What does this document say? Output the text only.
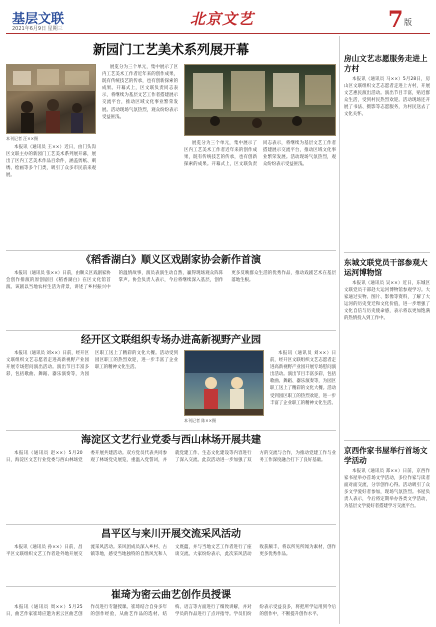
基层文联
2021年6月9日 星期三
北京文艺	7 版
新园门工艺美术系列展开幕
本刊记者 汪××摄

本报讯（通讯员 王××）近日，由门头沟区文联主办的新园门工艺美术系列展开幕，展出了区内工艺美术作品百余件，涵盖剪纸、刺绣、绘画等多个门类，吸引了众多市民前来观展。

展览分为三个单元，集中展示了区内工艺美术工作者近年来的创作成果，既有传统技艺的传承，也有创新探索的成果。开幕式上，区文联负责同志表示，将继续为基层文艺工作者搭建展示交流平台，推动区域文化事业繁荣发展。活动现场气氛热烈，观众纷纷表示受益匪浅。

展览分为三个单元，集中展示了区内工艺美术工作者近年来的创作成果，既有传统技艺的传承，也有创新探索的成果。开幕式上，区文联负责同志表示，将继续为基层文艺工作者搭建展示交流平台，推动区域文化事业繁荣发展。活动现场气氛热烈，观众纷纷表示受益匪浅。

《稻香湖白》顺义区戏剧家协会新作首演

本报讯（通讯员 张××）日前，由顺义区戏剧家协会创作排演的原创剧目《稻香湖白》在区文化馆首演。该剧以当地农村生活为背景，讲述了乡村振兴中的温情故事，演员表演生动自然，赢得现场观众阵阵掌声。协会负责人表示，今后将继续深入基层，创作更多反映群众生活的优秀作品，推动戏剧艺术在基层落地生根。

经开区文联组织专场办进高新视野产业园

本报讯（通讯员 刘××）日前，经开区文联组织文艺志愿者走进高新视野产业园开展专场慰问演出活动。演出节目丰富多彩，包括歌曲、舞蹈、器乐演奏等，为园区职工送上了精彩的文化大餐。活动受到园区职工的热烈欢迎，进一步丰富了企业职工的精神文化生活。

本刊记者 陈××摄

本报讯（通讯员 刘××）日前，经开区文联组织文艺志愿者走进高新视野产业园开展专场慰问演出活动。演出节目丰富多彩，包括歌曲、舞蹈、器乐演奏等，为园区职工送上了精彩的文化大餐。活动受到园区职工的热烈欢迎，进一步丰富了企业职工的精神文化生活。

海淀区文艺行业党委与西山林场开展共建

本报讯（通讯员 赵××）5月20日，海淀区文艺行业党委与西山林场党委开展共建活动。双方党员代表共同参观了林场党史展览，重温入党誓词，并就党建工作、生态文化建设等内容进行了深入交流。此次活动进一步加强了双方的交流与合作，为推动党建工作与业务工作深度融合打下了良好基础。

昌平区与来川开展交流采风活动

本报讯（通讯员 孙××）日前，昌平区文联组织文艺工作者赴外地开展交流采风活动。采风团成员深入乡村、古镇等地，感受当地独特的自然风光和人文底蕴，并与当地文艺工作者进行了座谈交流。大家纷纷表示，此次采风活动收获颇丰，将以所见所闻为素材，创作更多优秀作品。

崔琦为密云曲艺创作员授课

本报讯（通讯员 周××）5月25日，曲艺作家崔琦应邀为密云区曲艺创作员进行专题授课。崔琦结合自身多年的创作经验，从曲艺作品的选材、结构、语言等方面进行了细致讲解，并对学员的作品进行了点评指导。学员们纷纷表示受益良多，将把所学运用到今后的创作中，不断提升创作水平。

房山文艺志愿服务走进上方村

本报讯（通讯员 马××）5月28日，房山区文联组织文艺志愿者走进上方村，开展文艺惠民演出活动。演出节目丰富，贴近群众生活，受到村民热烈欢迎。活动现场还开展了书法、摄影等志愿服务，为村民送去了文化关怀。

东城文联党员干部参观大运河博物馆

本报讯（通讯员 吴××）近日，东城区文联党员干部赴大运河博物馆参观学习。大家通过实物、图片、影像等资料，了解了大运河的历史变迁和文化价值，进一步增强了文化自信与历史使命感，表示将以更加饱满的热情投入到工作中。

京西作家书屋举行首场文学活动

本报讯（通讯员 郑××）日前，京西作家书屋举办首场文学活动，多位作家与读者面对面交流，分享创作心得。活动吸引了众多文学爱好者参加，现场气氛热烈。书屋负责人表示，今后将定期举办各类文学活动，为基层文学爱好者搭建学习交流平台。
